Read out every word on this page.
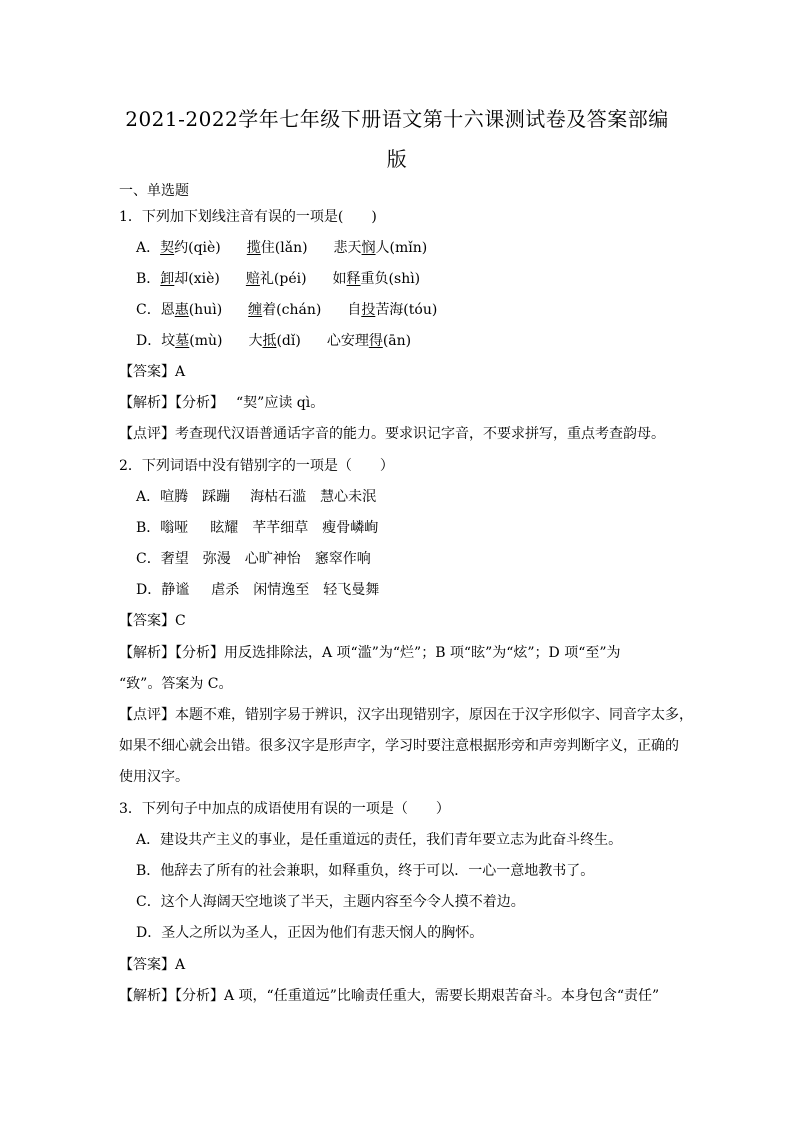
2021-2022学年七年级下册语文第十六课测试卷及答案部编
版
一、单选题
1．下列加下划线注音有误的一项是(　　)
A．契约(qiè) 揽住(lǎn) 悲天悯人(mǐn)
B．卸却(xiè) 赔礼(péi) 如释重负(shì)
C．恩惠(huì) 缠着(chán) 自投苦海(tóu)
D．坟墓(mù) 大抵(dǐ) 心安理得(ān)
【答案】A
【解析】【分析】 “契”应读 qì。
【点评】考查现代汉语普通话字音的能力。要求识记字音，不要求拼写，重点考查韵母。
2．下列词语中没有错别字的一项是（　　）
A．喧腾 踩蹦 海枯石滥 慧心未泯
B．嗡哑 眩耀 芊芊细草 瘦骨嶙峋
C．奢望 弥漫 心旷神怡 窸窣作响
D．静谧 虐杀 闲情逸至 轻飞曼舞
【答案】C
【解析】【分析】用反选排除法，A 项“滥”为“烂”；B 项“眩”为“炫”；D 项“至”为
“致”。答案为 C。
【点评】本题不难，错别字易于辨识，汉字出现错别字，原因在于汉字形似字、同音字太多，
如果不细心就会出错。很多汉字是形声字，学习时要注意根据形旁和声旁判断字义，正确的
使用汉字。
3．下列句子中加点的成语使用有误的一项是（　　）
A．建设共产主义的事业，是任重道远的责任，我们青年要立志为此奋斗终生。
B．他辞去了所有的社会兼职，如释重负，终于可以．一心一意地教书了。
C．这个人海阔天空地谈了半天，主题内容至今令人摸不着边。
D．圣人之所以为圣人，正因为他们有悲天悯人的胸怀。
【答案】A
【解析】【分析】A 项，“任重道远”比喻责任重大，需要长期艰苦奋斗。本身包含“责任”
